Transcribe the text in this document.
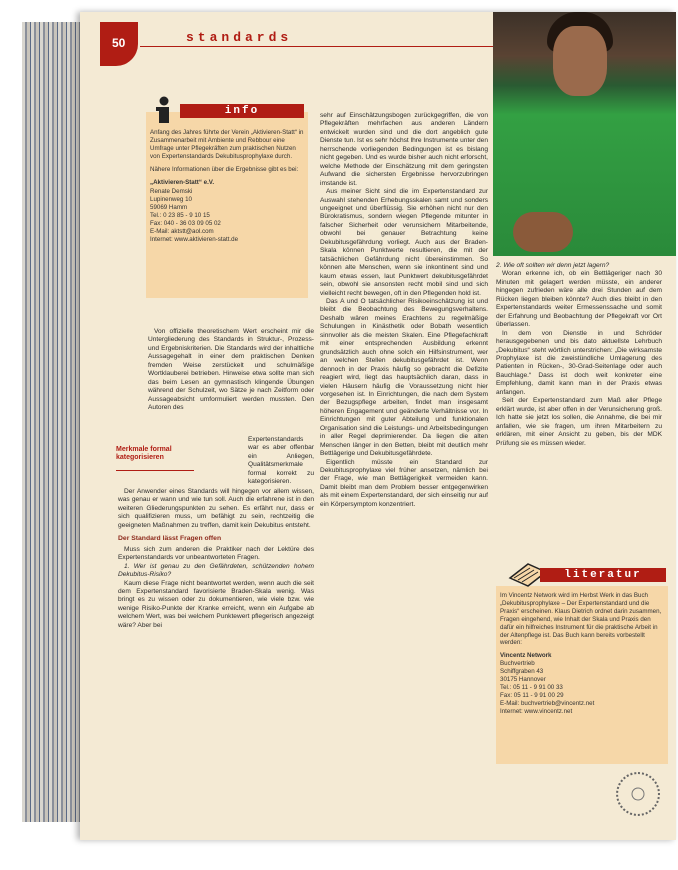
50	standards
info

Anfang des Jahres führte der Verein „Aktivieren-Statt“ in Zusammenarbeit mit Ambiente und Rebbour eine Umfrage unter Pflegekräften zum praktischen Nutzen von Expertenstandards Dekubitusprophylaxe durch.

Nähere Informationen über die Ergebnisse gibt es bei:

„Aktivieren-Statt“ e.V.
Renate Demski
Lupinenweg 10
59069 Hamm
Tel.: 0 23 85 - 9 10 15
Fax: 040 - 36 03 09 05 02
E-Mail: aktstt@aol.com
Internet: www.aktivieren-statt.de

Von offizielle theoretischem Wert erscheint mir die Untergliederung des Standards in Struktur-, Prozess- und Ergebniskriterien. Die Standards wird der inhaltliche Aussagegehalt in einer dem praktischen Denken fremden Weise zerstückelt und schulmäßige Wortklauberei betrieben. Hinweise etwa sollte man sich das beim Lesen an gymnastisch klingende Übungen während der Schulzeit, wo Sätze je nach Zeitform oder Aussageabsicht umformuliert werden mussten. Den Autoren des

Merkmale formal kategorisieren

Expertenstandards war es aber offenbar ein Anliegen, Qualitätsmerkmale formal korrekt zu kategorisieren.

Der Anwender eines Standards will hingegen vor allem wissen, was genau er wann und wie tun soll. Auch die erfahrene ist in den weiteren Gliederungspunkten zu sehen. Es erfährt nur, dass er sich qualifizieren muss, um befähigt zu sein, rechtzeitig die geeigneten Maßnahmen zu treffen, damit kein Dekubitus entsteht.

Der Standard lässt Fragen offen

Muss sich zum anderen die Praktiker nach der Lektüre des Expertenstandards vor unbeantworteten Fragen.

1. Wer ist genau zu den Gefährdeten, schützenden hohem Dekubitus-Risiko?

Kaum diese Frage nicht beantwortet werden, wenn auch die seit dem Expertenstandard favorisierte Braden-Skala wenig. Was bringt es zu wissen oder zu dokumentieren, wie viele bzw. wie wenige Risiko-Punkte der Kranke erreicht, wenn ein Aufgabe ab welchem Wert, was bei welchem Punktewert pflegerisch angezeigt wäre? Aber bei

sehr auf Einschätzungsbogen zurückgegriffen, die von Pflegekräften mehrfachen aus anderen Ländern entwickelt wurden sind und die dort angeblich gute Dienste tun. Ist es sehr höchst lhre Instrumente unter den herrschende vorliegenden Bedingungen ist es bislang nicht gegeben. Und es wurde bisher auch nicht erforscht, welche Methode der Einschätzung mit dem geringsten Aufwand die sichersten Ergebnisse hervorzubringen imstande ist.

Aus meiner Sicht sind die im Expertenstandard zur Auswahl stehenden Erhebungsskalen samt und sonders ungeeignet und überflüssig. Sie erhöhen nicht nur den Bürokratismus, sondern wiegen Pflegende mitunter in falscher Sicherheit oder verunsichern Mitarbeitende, obwohl bei genauer Betrachtung keine Dekubitusgefährdung vorliegt. Auch aus der Braden-Skala können Punktwerte resultieren, die mit der tatsächlichen Gefährdung nicht übereinstimmen. So können alte Menschen, wenn sie inkontinent sind und kaum etwas essen, laut Punktwert dekubitusgefährdet sein, obwohl sie ansonsten recht mobil sind und sich vielleicht recht bewegen, oft in den Pflegenden hold ist.

Das A und O tatsächlicher Risikoeinschätzung ist und bleibt die Beobachtung des Bewegungsverhaltens. Deshalb wären meines Erachtens zu regelmäßige Schulungen in Kinästhetik oder Bobath wesentlich sinnvoller als die meisten Skalen. Eine Pflegefachkraft mit einer entsprechenden Ausbildung erkennt grundsätzlich auch ohne solch ein Hilfsinstrument, wer an welchen Stellen dekubitusgefährdet ist. Wenn dennoch in der Praxis häufig so gebracht die Defizite reagiert wird, liegt das hauptsächlich daran, dass in vielen Häusern häufig die Voraussetzung nicht hier vorgesehen ist. In Einrichtungen, die nach dem System der Bezugspflege arbeiten, findet man insgesamt höheren Engagement und geänderte Verhältnisse vor. In Einrichtungen mit guter Abteilung und funktionalen Organisation sind die Leistungs- und Arbeitsbedingungen in aller Regel deprimierender. Da liegen die alten Menschen länger in den Betten, bleibt mit deutlich mehr Bettlägerige und Dekubitusgefährdete.

Eigentlich müsste ein Standard zur Dekubitusprophylaxe viel früher ansetzen, nämlich bei der Frage, wie man Bettlägerigkeit vermeiden kann. Damit bleibt man dem Problem besser entgegenwirken als mit einem Expertenstandard, der sich einseitig nur auf ein Körpersymptom konzentriert.

2. Wie oft sollten wir denn jetzt lagern?

Woran erkenne ich, ob ein Bettlägeriger nach 30 Minuten mit gelagert werden müsste, ein anderer hingegen zufrieden wäre alle drei Stunden auf dem Rücken liegen bleiben könnte? Auch dies bleibt in den Expertenstandards weiter Ermessenssache und somit der Erfahrung und Beobachtung der Pflegekraft vor Ort überlassen.

In dem von Dienstle in und Schröder herausgegebenen und bis dato aktuellste Lehrbuch „Dekubitus“ steht wörtlich unterstrichen: „Die wirksamste Prophylaxe ist die zweistündliche Umlagerung des Patienten in Rücken-, 30-Grad-Seitenlage oder auch Bauchlage.“ Dass ist doch weit konkreter eine Empfehlung, damit kann man in der Praxis etwas anfangen.

Seit der Expertenstandard zum Maß aller Pflege erklärt wurde, ist aber offen in der Verunsicherung groß. Ich hatte sie jetzt los sollen, die Annahme, die bei mir anfallen, wie sie fragen, um ihren Mitarbeitern zu erklären, mit einer Ansicht zu geben, bis der MDK Prüfung sie es müssen wieder.

literatur

Im Vincentz Network wird im Herbst Werk in das Buch „Dekubitusprophylaxe – Der Expertenstandard und die Praxis“ erscheinen. Klaus Dietrich ordnet darin zusammen, Fragen eingehend, wie Inhalt der Skala und Praxis den dafür ein hilfreiches Instrument für die praktische Arbeit in der Altenpflege ist. Das Buch kann bereits vorbestellt werden:

Vincentz Network
Buchvertrieb
Schiffgraben 43
30175 Hannover
Tel.: 05 11 - 9 91 00 33
Fax: 05 11 - 9 91 00 29
E-Mail: buchvertrieb@vincentz.net
Internet: www.vincentz.net
